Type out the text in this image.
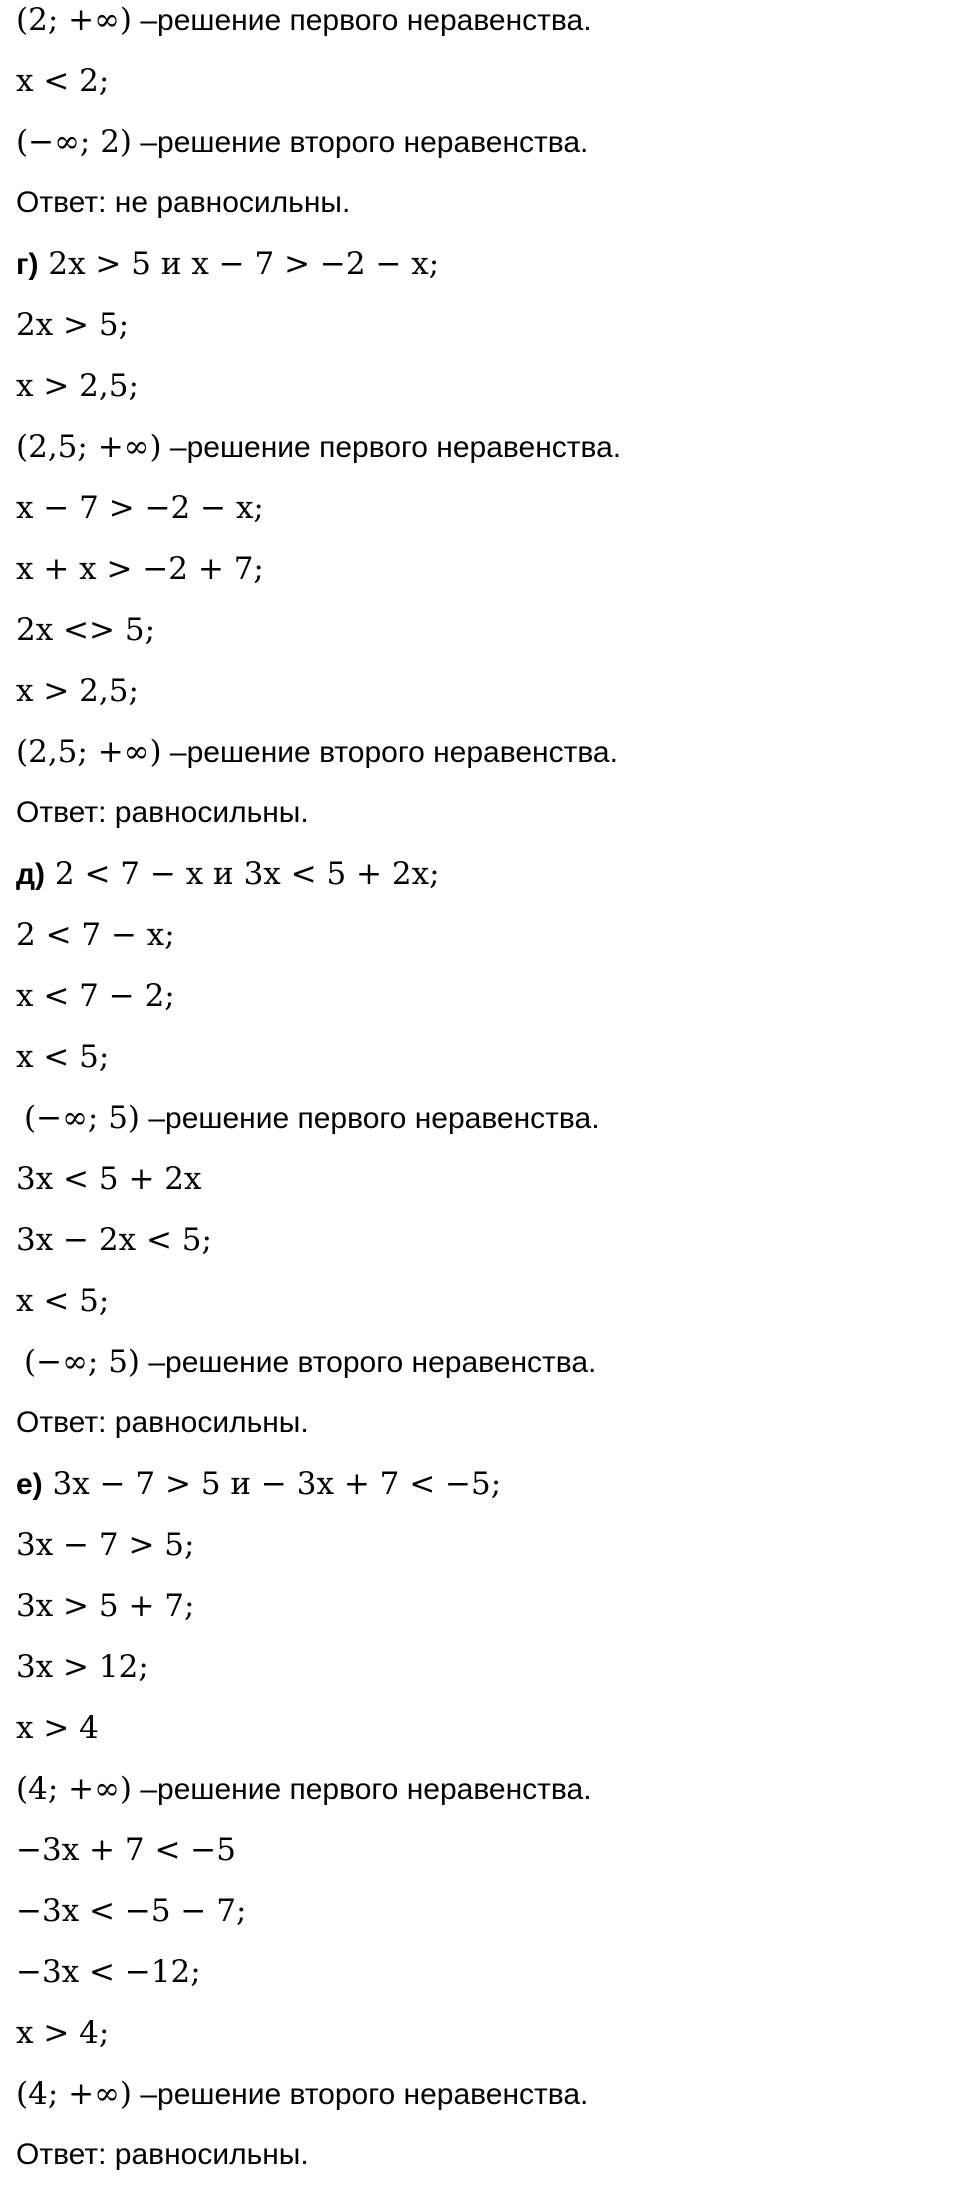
(2; +∞) –решение первого неравенства.
x < 2;
(−∞; 2) –решение второго неравенства.
Ответ: не равносильны.
г) 2x > 5 и x − 7 > −2 − x;
2x > 5;
x > 2,5;
(2,5; +∞) –решение первого неравенства.
x − 7 > −2 − x;
x + x > −2 + 7;
2x <> 5;
x > 2,5;
(2,5; +∞) –решение второго неравенства.
Ответ: равносильны.
д) 2 < 7 − x и 3x < 5 + 2x;
2 < 7 − x;
x < 7 − 2;
x < 5;
(−∞; 5) –решение первого неравенства.
3x < 5 + 2x
3x − 2x < 5;
x < 5;
(−∞; 5) –решение второго неравенства.
Ответ: равносильны.
е) 3x − 7 > 5 и − 3x + 7 < −5;
3x − 7 > 5;
3x > 5 + 7;
3x > 12;
x > 4
(4; +∞) –решение первого неравенства.
−3x + 7 < −5
−3x < −5 − 7;
−3x < −12;
x > 4;
(4; +∞) –решение второго неравенства.
Ответ: равносильны.
